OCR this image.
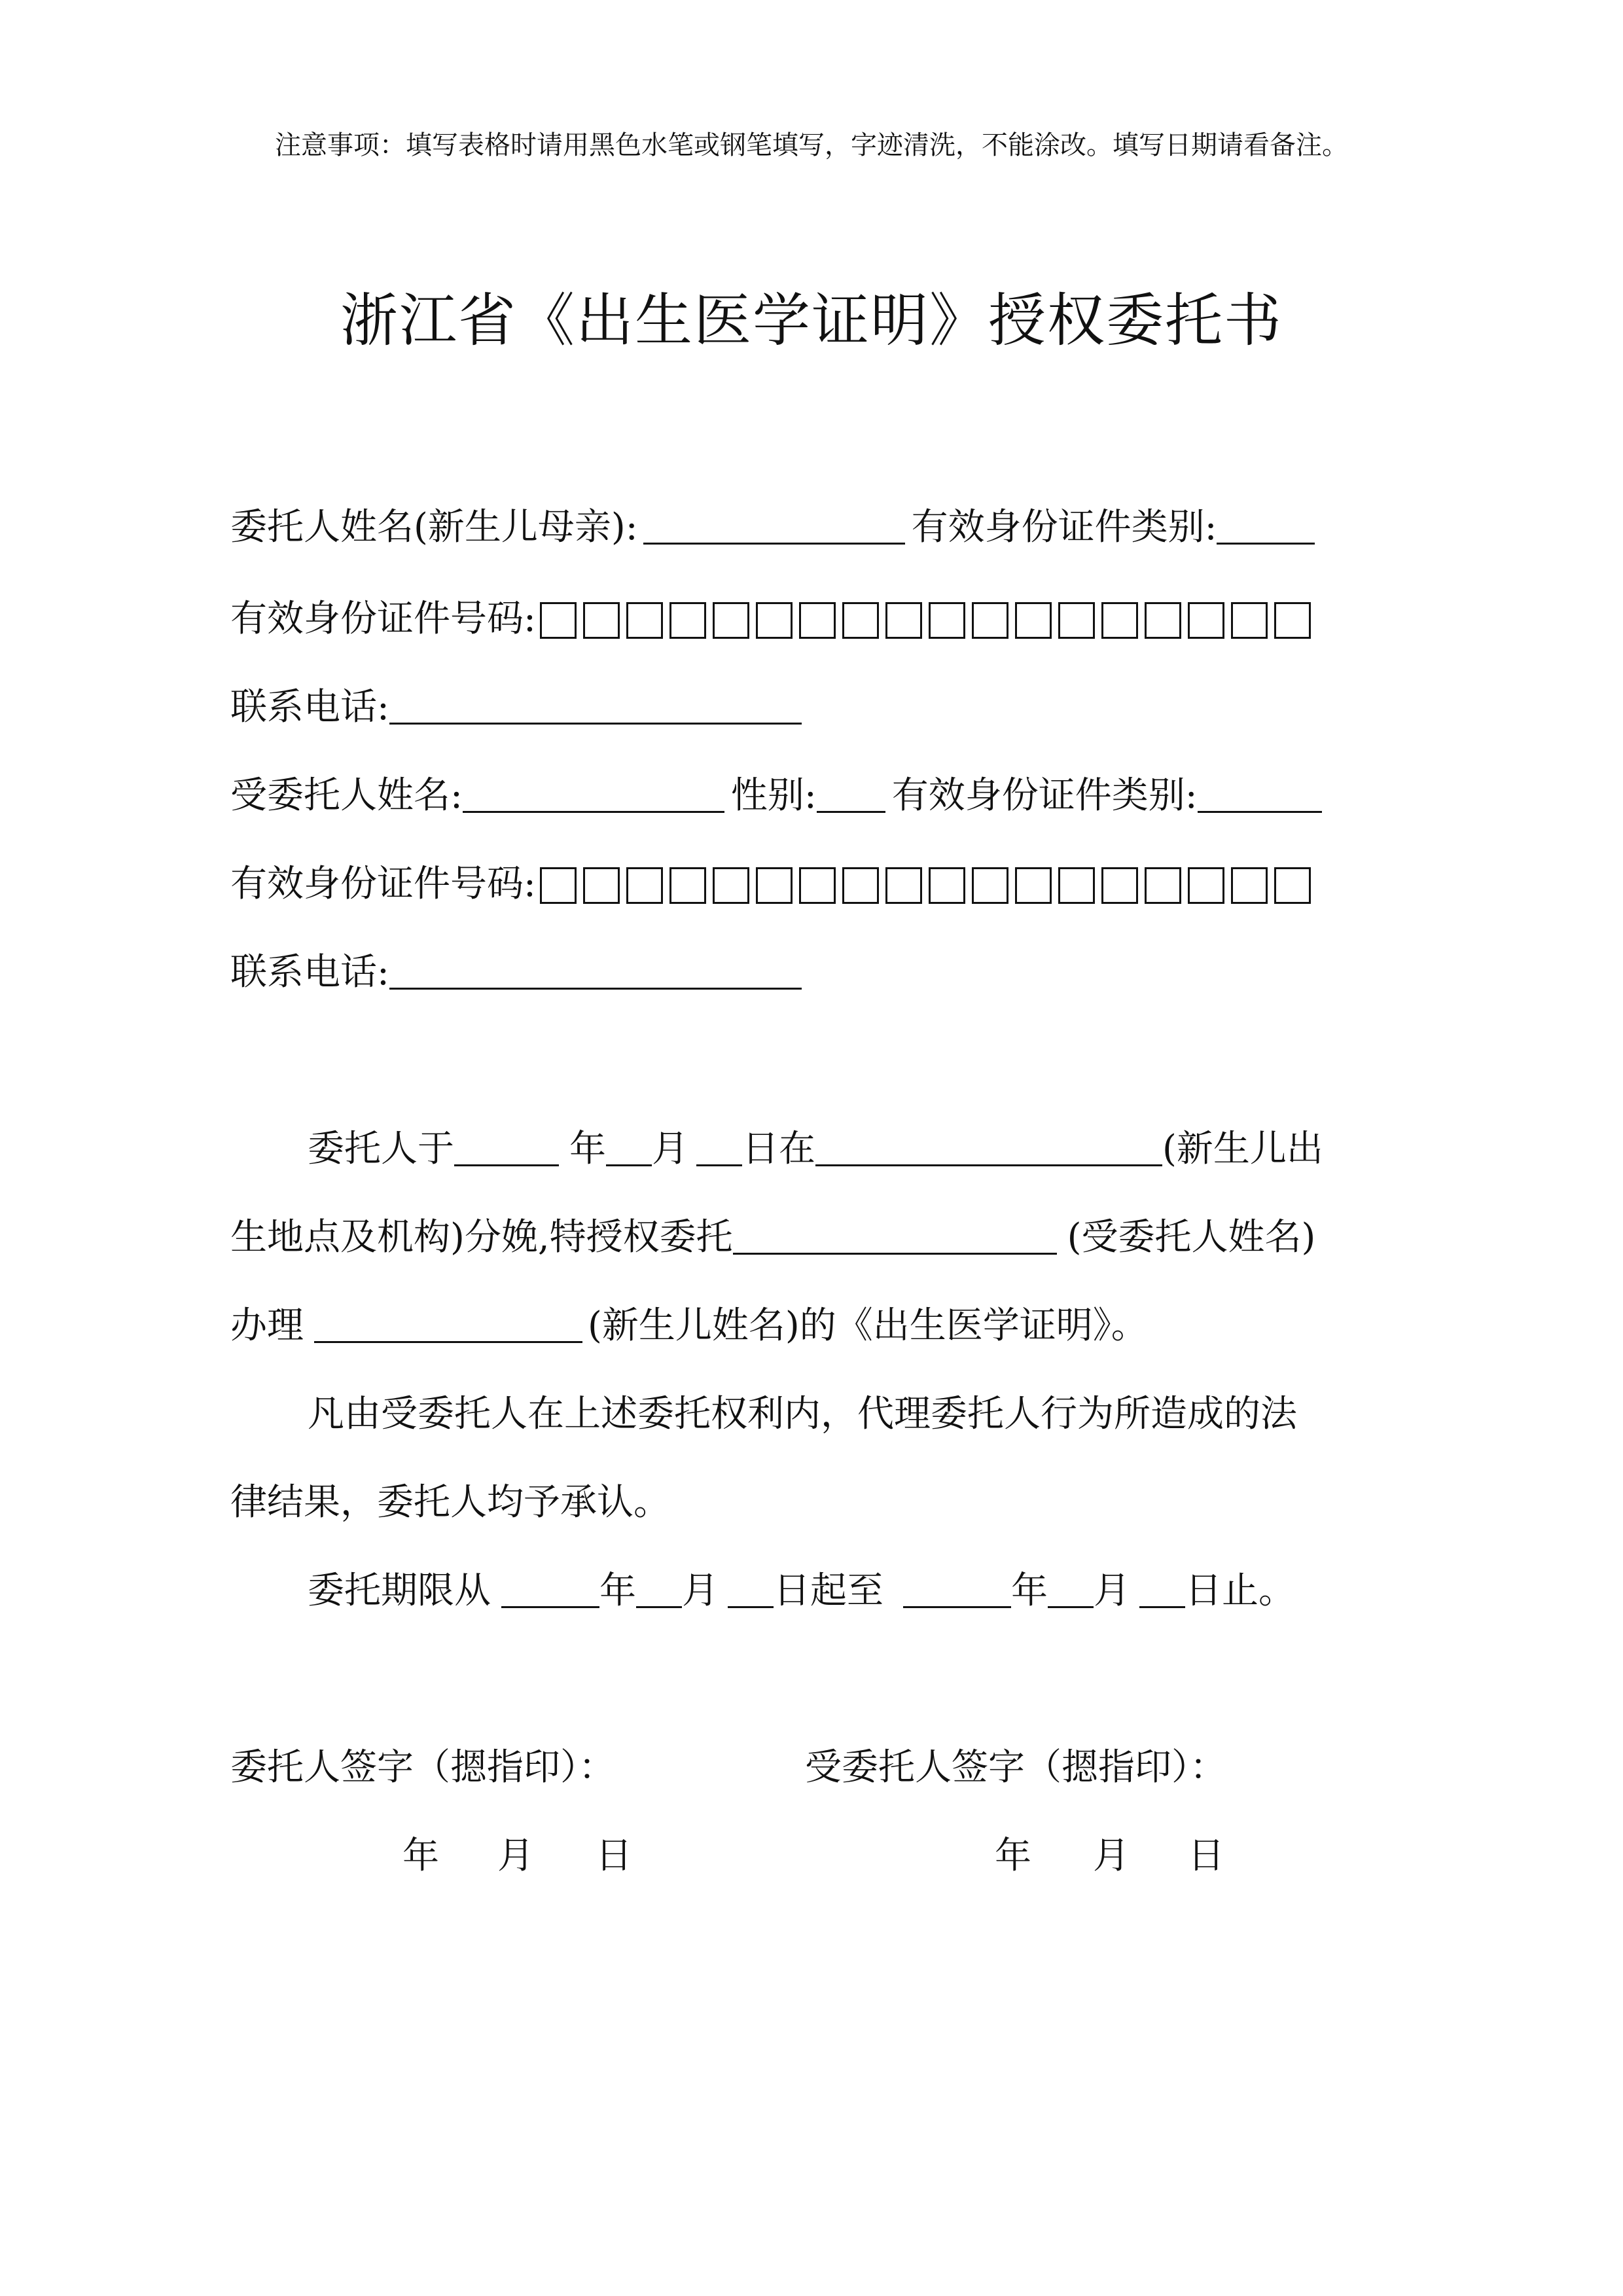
注意事项：填写表格时请用黑色水笔或钢笔填写，字迹清洗，不能涂改。填写日期请看备注。
浙江省《出生医学证明》授权委托书
委托人姓名(新生儿母亲):	有效身份证件类别:
有效身份证件号码:
联系电话:
受委托人姓名:	性别: 有效身份证件类别:
有效身份证件号码:
联系电话:
委托人于	年 月 日在	(新生儿出
生地点及机构)分娩,特授权委托	(受委托人姓名)
办理	(新生儿姓名)的《出生医学证明》。
凡由受委托人在上述委托权利内，代理委托人行为所造成的法
律结果，委托人均予承认。
委托期限从	年 月 日起至	年 月 日止。
委托人签字（摁指印）：	受委托人签字（摁指印）：
年 月 日	年 月 日
